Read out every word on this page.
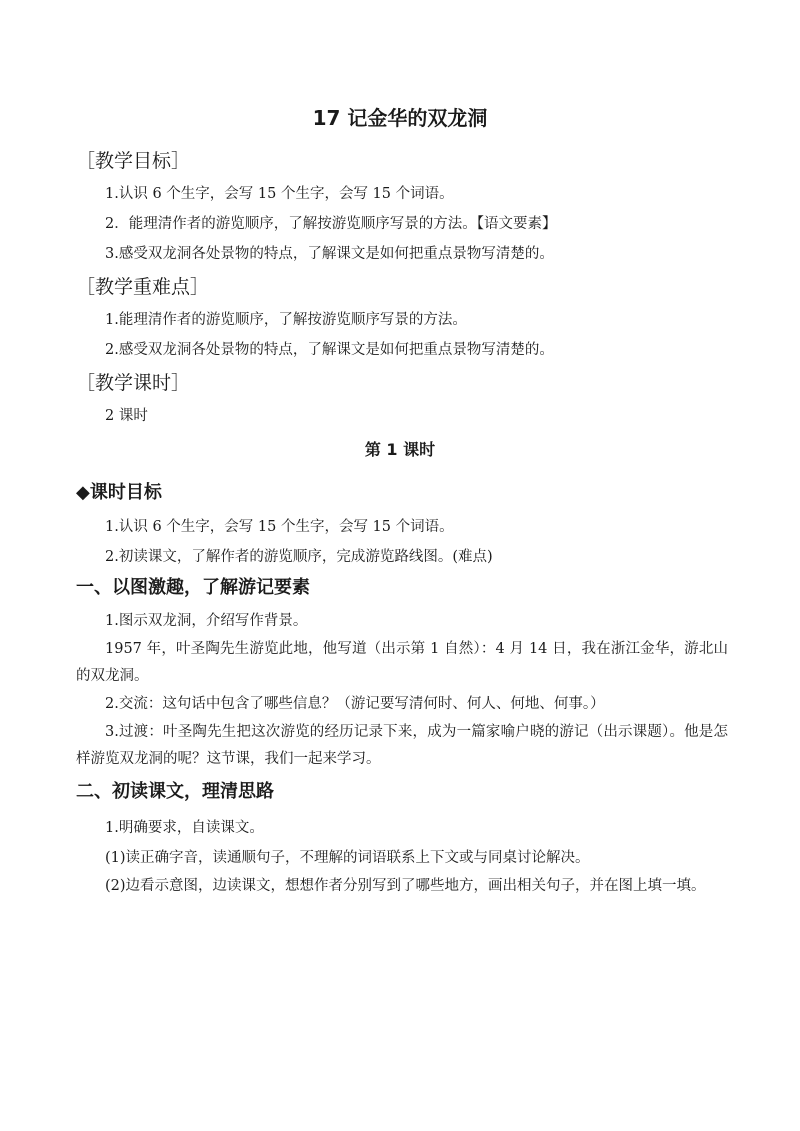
17 记金华的双龙洞
［教学目标］

1.认识 6 个生字，会写 15 个生字，会写 15 个词语。

2．能理清作者的游览顺序，了解按游览顺序写景的方法。【语文要素】

3.感受双龙洞各处景物的特点，了解课文是如何把重点景物写清楚的。

［教学重难点］

1.能理清作者的游览顺序，了解按游览顺序写景的方法。

2.感受双龙洞各处景物的特点，了解课文是如何把重点景物写清楚的。

［教学课时］

2 课时

第 1 课时
◆课时目标

1.认识 6 个生字，会写 15 个生字，会写 15 个词语。

2.初读课文，了解作者的游览顺序，完成游览路线图。(难点)

一、以图激趣，了解游记要素

1.图示双龙洞，介绍写作背景。

1957 年，叶圣陶先生游览此地，他写道（出示第 1 自然）：4 月 14 日，我在浙江金华，游北山的双龙洞。

2.交流：这句话中包含了哪些信息？（游记要写清何时、何人、何地、何事。）

3.过渡：叶圣陶先生把这次游览的经历记录下来，成为一篇家喻户晓的游记（出示课题）。他是怎样游览双龙洞的呢？这节课，我们一起来学习。

二、初读课文，理清思路

1.明确要求，自读课文。

(1)读正确字音，读通顺句子，不理解的词语联系上下文或与同桌讨论解决。

(2)边看示意图，边读课文，想想作者分别写到了哪些地方，画出相关句子，并在图上填一填。
